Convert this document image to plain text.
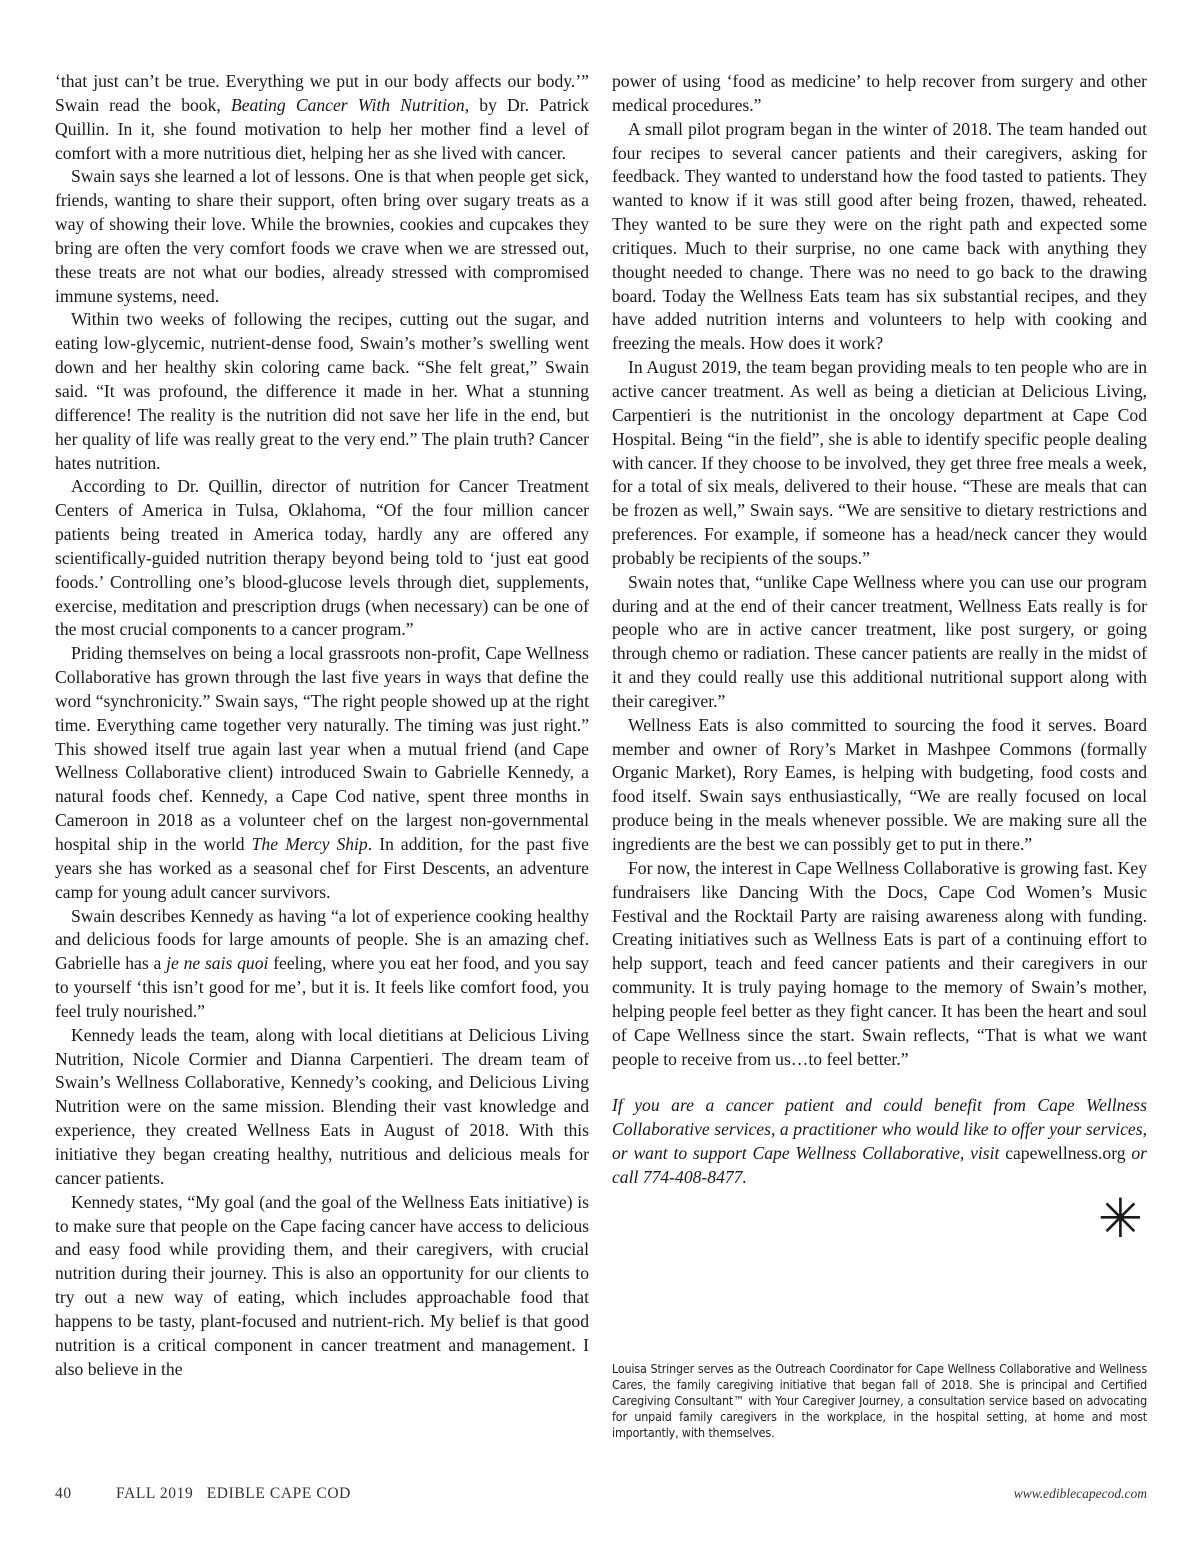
‘that just can’t be true. Everything we put in our body affects our body.’” Swain read the book, Beating Cancer With Nutrition, by Dr. Patrick Quillin. In it, she found motivation to help her mother find a level of comfort with a more nutritious diet, helping her as she lived with cancer.

Swain says she learned a lot of lessons. One is that when people get sick, friends, wanting to share their support, often bring over sugary treats as a way of showing their love. While the brownies, cookies and cupcakes they bring are often the very comfort foods we crave when we are stressed out, these treats are not what our bodies, already stressed with compromised immune systems, need.

Within two weeks of following the recipes, cutting out the sugar, and eating low-glycemic, nutrient-dense food, Swain’s mother’s swelling went down and her healthy skin coloring came back. “She felt great,” Swain said. “It was profound, the difference it made in her. What a stunning difference! The reality is the nutrition did not save her life in the end, but her quality of life was really great to the very end.” The plain truth? Cancer hates nutrition.

According to Dr. Quillin, director of nutrition for Cancer Treatment Centers of America in Tulsa, Oklahoma, “Of the four million cancer patients being treated in America today, hardly any are offered any scientifically-guided nutrition therapy beyond being told to ‘just eat good foods.’ Controlling one’s blood-glucose levels through diet, supplements, exercise, meditation and prescription drugs (when necessary) can be one of the most crucial components to a cancer program.”

Priding themselves on being a local grassroots non-profit, Cape Wellness Collaborative has grown through the last five years in ways that define the word “synchronicity.” Swain says, “The right people showed up at the right time. Everything came together very naturally. The timing was just right.” This showed itself true again last year when a mutual friend (and Cape Wellness Collaborative client) introduced Swain to Gabrielle Kennedy, a natural foods chef. Kennedy, a Cape Cod native, spent three months in Cameroon in 2018 as a volunteer chef on the largest non-governmental hospital ship in the world The Mercy Ship. In addition, for the past five years she has worked as a seasonal chef for First Descents, an adventure camp for young adult cancer survivors.

Swain describes Kennedy as having “a lot of experience cooking healthy and delicious foods for large amounts of people. She is an amazing chef. Gabrielle has a je ne sais quoi feeling, where you eat her food, and you say to yourself ‘this isn’t good for me’, but it is. It feels like comfort food, you feel truly nourished.”

Kennedy leads the team, along with local dietitians at Delicious Living Nutrition, Nicole Cormier and Dianna Carpentieri. The dream team of Swain’s Wellness Collaborative, Kennedy’s cooking, and Delicious Living Nutrition were on the same mission. Blending their vast knowledge and experience, they created Wellness Eats in August of 2018. With this initiative they began creating healthy, nutritious and delicious meals for cancer patients.

Kennedy states, “My goal (and the goal of the Wellness Eats initiative) is to make sure that people on the Cape facing cancer have access to delicious and easy food while providing them, and their caregivers, with crucial nutrition during their journey. This is also an opportunity for our clients to try out a new way of eating, which includes approachable food that happens to be tasty, plant-focused and nutrient-rich. My belief is that good nutrition is a critical component in cancer treatment and management. I also believe in the

power of using ‘food as medicine’ to help recover from surgery and other medical procedures.”

A small pilot program began in the winter of 2018. The team handed out four recipes to several cancer patients and their caregivers, asking for feedback. They wanted to understand how the food tasted to patients. They wanted to know if it was still good after being frozen, thawed, reheated. They wanted to be sure they were on the right path and expected some critiques. Much to their surprise, no one came back with anything they thought needed to change. There was no need to go back to the drawing board. Today the Wellness Eats team has six substantial recipes, and they have added nutrition interns and volunteers to help with cooking and freezing the meals. How does it work?

In August 2019, the team began providing meals to ten people who are in active cancer treatment. As well as being a dietician at Delicious Living, Carpentieri is the nutritionist in the oncology department at Cape Cod Hospital. Being “in the field”, she is able to identify specific people dealing with cancer. If they choose to be involved, they get three free meals a week, for a total of six meals, delivered to their house. “These are meals that can be frozen as well,” Swain says. “We are sensitive to dietary restrictions and preferences. For example, if someone has a head/neck cancer they would probably be recipients of the soups.”

Swain notes that, “unlike Cape Wellness where you can use our program during and at the end of their cancer treatment, Wellness Eats really is for people who are in active cancer treatment, like post surgery, or going through chemo or radiation. These cancer patients are really in the midst of it and they could really use this additional nutritional support along with their caregiver.”

Wellness Eats is also committed to sourcing the food it serves. Board member and owner of Rory’s Market in Mashpee Commons (formally Organic Market), Rory Eames, is helping with budgeting, food costs and food itself. Swain says enthusiastically, “We are really focused on local produce being in the meals whenever possible. We are making sure all the ingredients are the best we can possibly get to put in there.”

For now, the interest in Cape Wellness Collaborative is growing fast. Key fundraisers like Dancing With the Docs, Cape Cod Women’s Music Festival and the Rocktail Party are raising awareness along with funding. Creating initiatives such as Wellness Eats is part of a continuing effort to help support, teach and feed cancer patients and their caregivers in our community. It is truly paying homage to the memory of Swain’s mother, helping people feel better as they fight cancer. It has been the heart and soul of Cape Wellness since the start. Swain reflects, “That is what we want people to receive from us…to feel better.”

If you are a cancer patient and could benefit from Cape Wellness Collaborative services, a practitioner who would like to offer your services, or want to support Cape Wellness Collaborative, visit capewellness.org or call 774-408-8477.

✳︎
Louisa Stringer serves as the Outreach Coordinator for Cape Wellness Collaborative and Wellness Cares, the family caregiving initiative that began fall of 2018. She is principal and Certified Caregiving Consultant™ with Your Caregiver Journey, a consultation service based on advocating for unpaid family caregivers in the workplace, in the hospital setting, at home and most importantly, with themselves.
40	FALL 2019   EDIBLE CAPE COD	www.ediblecapecod.com
